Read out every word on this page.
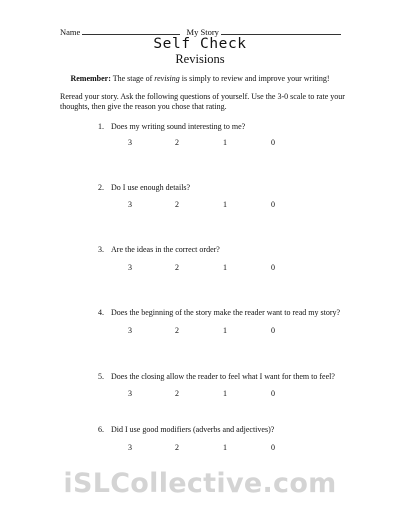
Name	My Story
Self Check
Revisions
Remember: The stage of revising is simply to review and improve your writing!
Reread your story. Ask the following questions of yourself. Use the 3-0 scale to rate your thoughts, then give the reason you chose that rating.
1. Does my writing sound interesting to me?
3	2	1	0
2. Do I use enough details?
3	2	1	0
3. Are the ideas in the correct order?
3	2	1	0
4. Does the beginning of the story make the reader want to read my story?
3	2	1	0
5. Does the closing allow the reader to feel what I want for them to feel?
3	2	1	0
6. Did I use good modifiers (adverbs and adjectives)?
3	2	1	0
iSLCollective.com
